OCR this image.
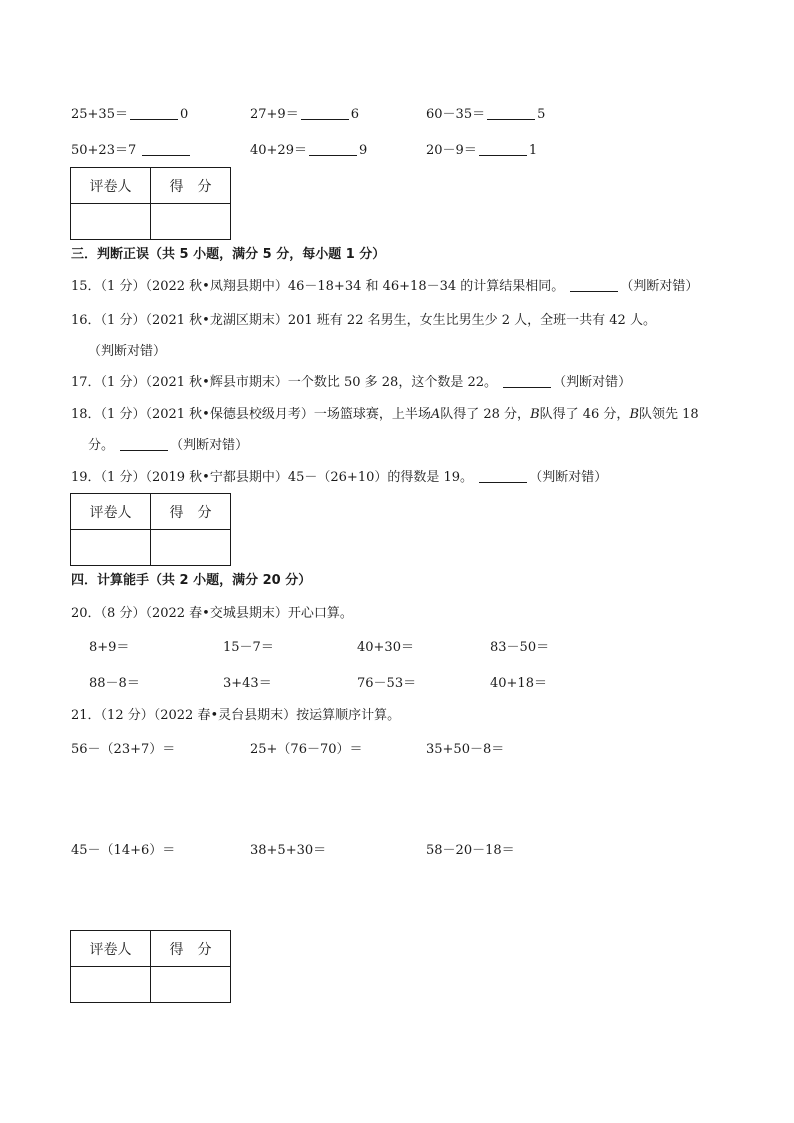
25+35＝	0	27+9＝	6	60－35＝	5
50+23＝7	40+29＝	9	20－9＝	1
评卷人	得　分

三．判断正误（共 5 小题，满分 5 分，每小题 1 分）
15．（1 分）（2022 秋•凤翔县期中）46－18+34 和 46+18－34 的计算结果相同。	（判断对错）
16．（1 分）（2021 秋•龙湖区期末）201 班有 22 名男生，女生比男生少 2 人，全班一共有 42 人。
（判断对错）
17．（1 分）（2021 秋•辉县市期末）一个数比 50 多 28，这个数是 22。	（判断对错）
18．（1 分）（2021 秋•保德县校级月考）一场篮球赛，上半场A队得了 28 分，B队得了 46 分，B队领先 18
分。	（判断对错）
19．（1 分）（2019 秋•宁都县期中）45－（26+10）的得数是 19。	（判断对错）
评卷人	得　分

四．计算能手（共 2 小题，满分 20 分）
20．（8 分）（2022 春•交城县期末）开心口算。
8+9＝	15－7＝	40+30＝	83－50＝
88－8＝	3+43＝	76－53＝	40+18＝
21．（12 分）（2022 春•灵台县期末）按运算顺序计算。
56－（23+7）＝	25+（76－70）＝	35+50－8＝
45－（14+6）＝	38+5+30＝	58－20－18＝
评卷人	得　分
